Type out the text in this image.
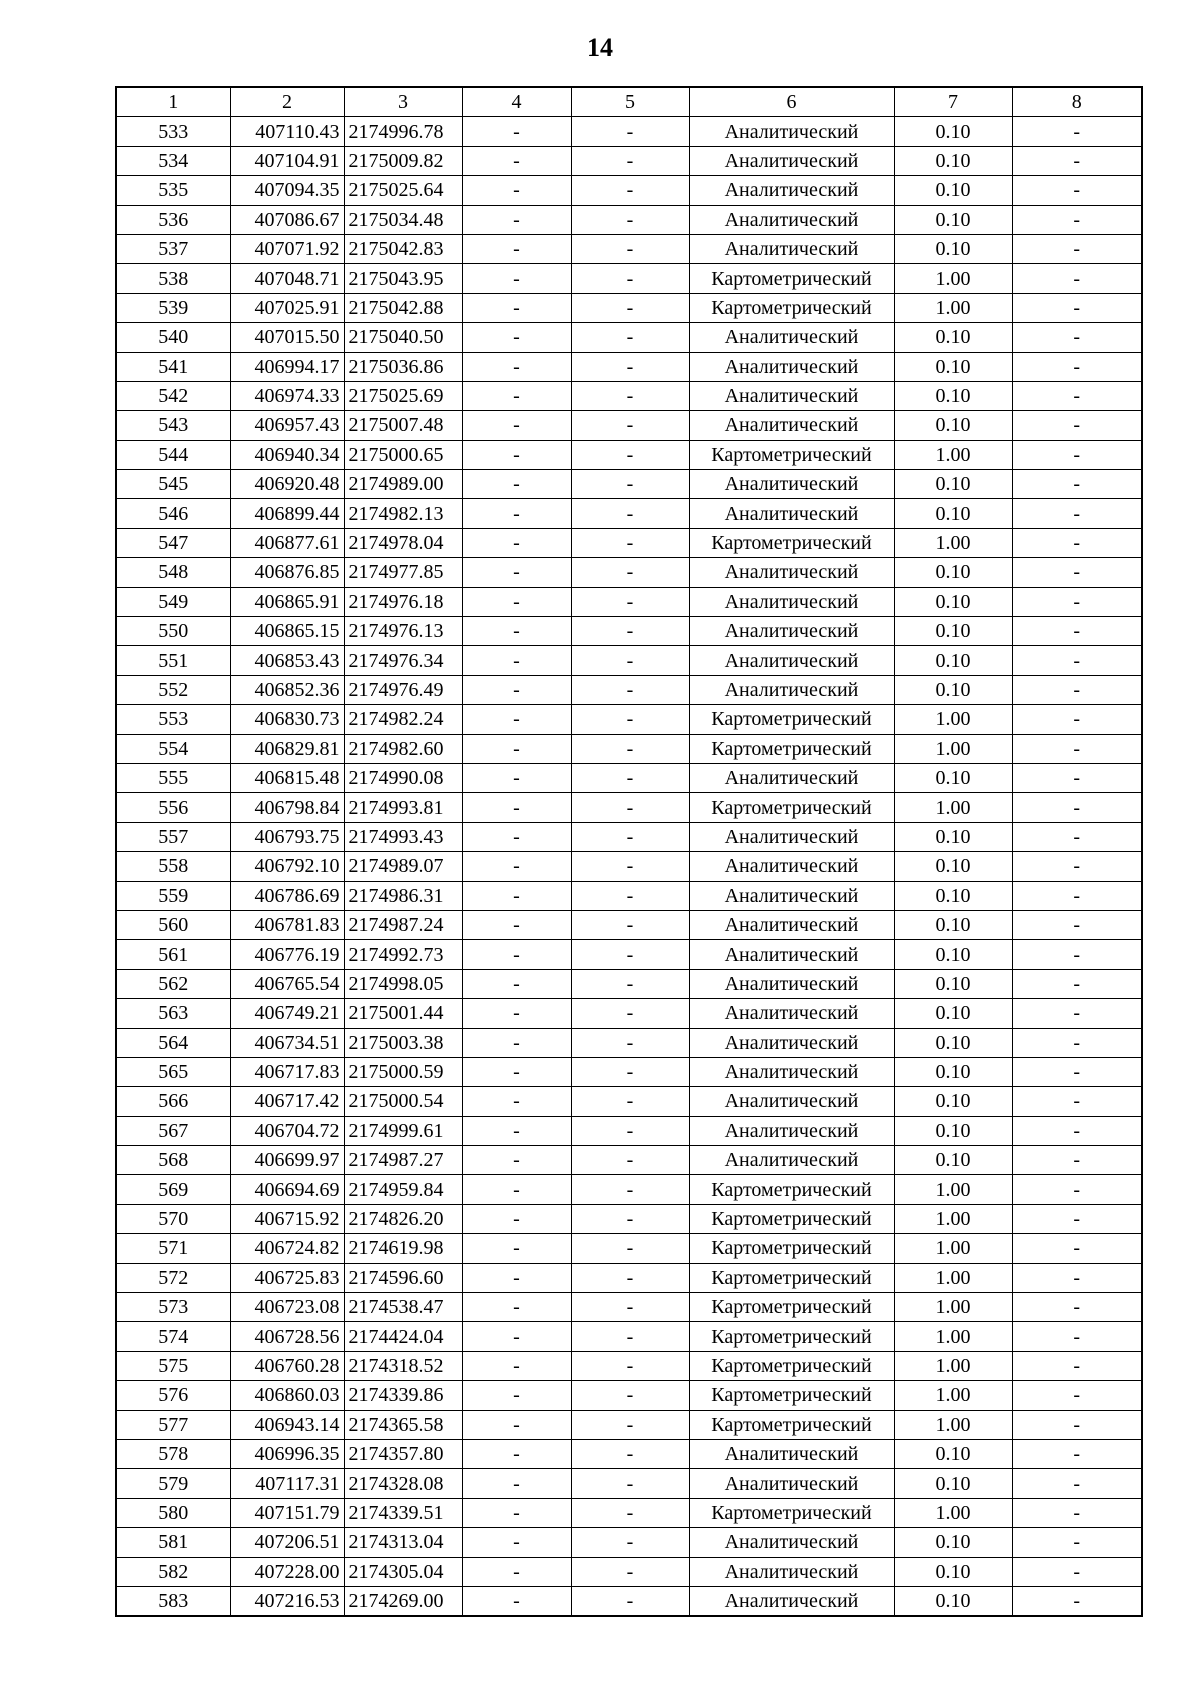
14
1	2	3	4	5	6	7	8
533	407110.43	2174996.78	-	-	Аналитический	0.10	-
534	407104.91	2175009.82	-	-	Аналитический	0.10	-
535	407094.35	2175025.64	-	-	Аналитический	0.10	-
536	407086.67	2175034.48	-	-	Аналитический	0.10	-
537	407071.92	2175042.83	-	-	Аналитический	0.10	-
538	407048.71	2175043.95	-	-	Картометрический	1.00	-
539	407025.91	2175042.88	-	-	Картометрический	1.00	-
540	407015.50	2175040.50	-	-	Аналитический	0.10	-
541	406994.17	2175036.86	-	-	Аналитический	0.10	-
542	406974.33	2175025.69	-	-	Аналитический	0.10	-
543	406957.43	2175007.48	-	-	Аналитический	0.10	-
544	406940.34	2175000.65	-	-	Картометрический	1.00	-
545	406920.48	2174989.00	-	-	Аналитический	0.10	-
546	406899.44	2174982.13	-	-	Аналитический	0.10	-
547	406877.61	2174978.04	-	-	Картометрический	1.00	-
548	406876.85	2174977.85	-	-	Аналитический	0.10	-
549	406865.91	2174976.18	-	-	Аналитический	0.10	-
550	406865.15	2174976.13	-	-	Аналитический	0.10	-
551	406853.43	2174976.34	-	-	Аналитический	0.10	-
552	406852.36	2174976.49	-	-	Аналитический	0.10	-
553	406830.73	2174982.24	-	-	Картометрический	1.00	-
554	406829.81	2174982.60	-	-	Картометрический	1.00	-
555	406815.48	2174990.08	-	-	Аналитический	0.10	-
556	406798.84	2174993.81	-	-	Картометрический	1.00	-
557	406793.75	2174993.43	-	-	Аналитический	0.10	-
558	406792.10	2174989.07	-	-	Аналитический	0.10	-
559	406786.69	2174986.31	-	-	Аналитический	0.10	-
560	406781.83	2174987.24	-	-	Аналитический	0.10	-
561	406776.19	2174992.73	-	-	Аналитический	0.10	-
562	406765.54	2174998.05	-	-	Аналитический	0.10	-
563	406749.21	2175001.44	-	-	Аналитический	0.10	-
564	406734.51	2175003.38	-	-	Аналитический	0.10	-
565	406717.83	2175000.59	-	-	Аналитический	0.10	-
566	406717.42	2175000.54	-	-	Аналитический	0.10	-
567	406704.72	2174999.61	-	-	Аналитический	0.10	-
568	406699.97	2174987.27	-	-	Аналитический	0.10	-
569	406694.69	2174959.84	-	-	Картометрический	1.00	-
570	406715.92	2174826.20	-	-	Картометрический	1.00	-
571	406724.82	2174619.98	-	-	Картометрический	1.00	-
572	406725.83	2174596.60	-	-	Картометрический	1.00	-
573	406723.08	2174538.47	-	-	Картометрический	1.00	-
574	406728.56	2174424.04	-	-	Картометрический	1.00	-
575	406760.28	2174318.52	-	-	Картометрический	1.00	-
576	406860.03	2174339.86	-	-	Картометрический	1.00	-
577	406943.14	2174365.58	-	-	Картометрический	1.00	-
578	406996.35	2174357.80	-	-	Аналитический	0.10	-
579	407117.31	2174328.08	-	-	Аналитический	0.10	-
580	407151.79	2174339.51	-	-	Картометрический	1.00	-
581	407206.51	2174313.04	-	-	Аналитический	0.10	-
582	407228.00	2174305.04	-	-	Аналитический	0.10	-
583	407216.53	2174269.00	-	-	Аналитический	0.10	-
